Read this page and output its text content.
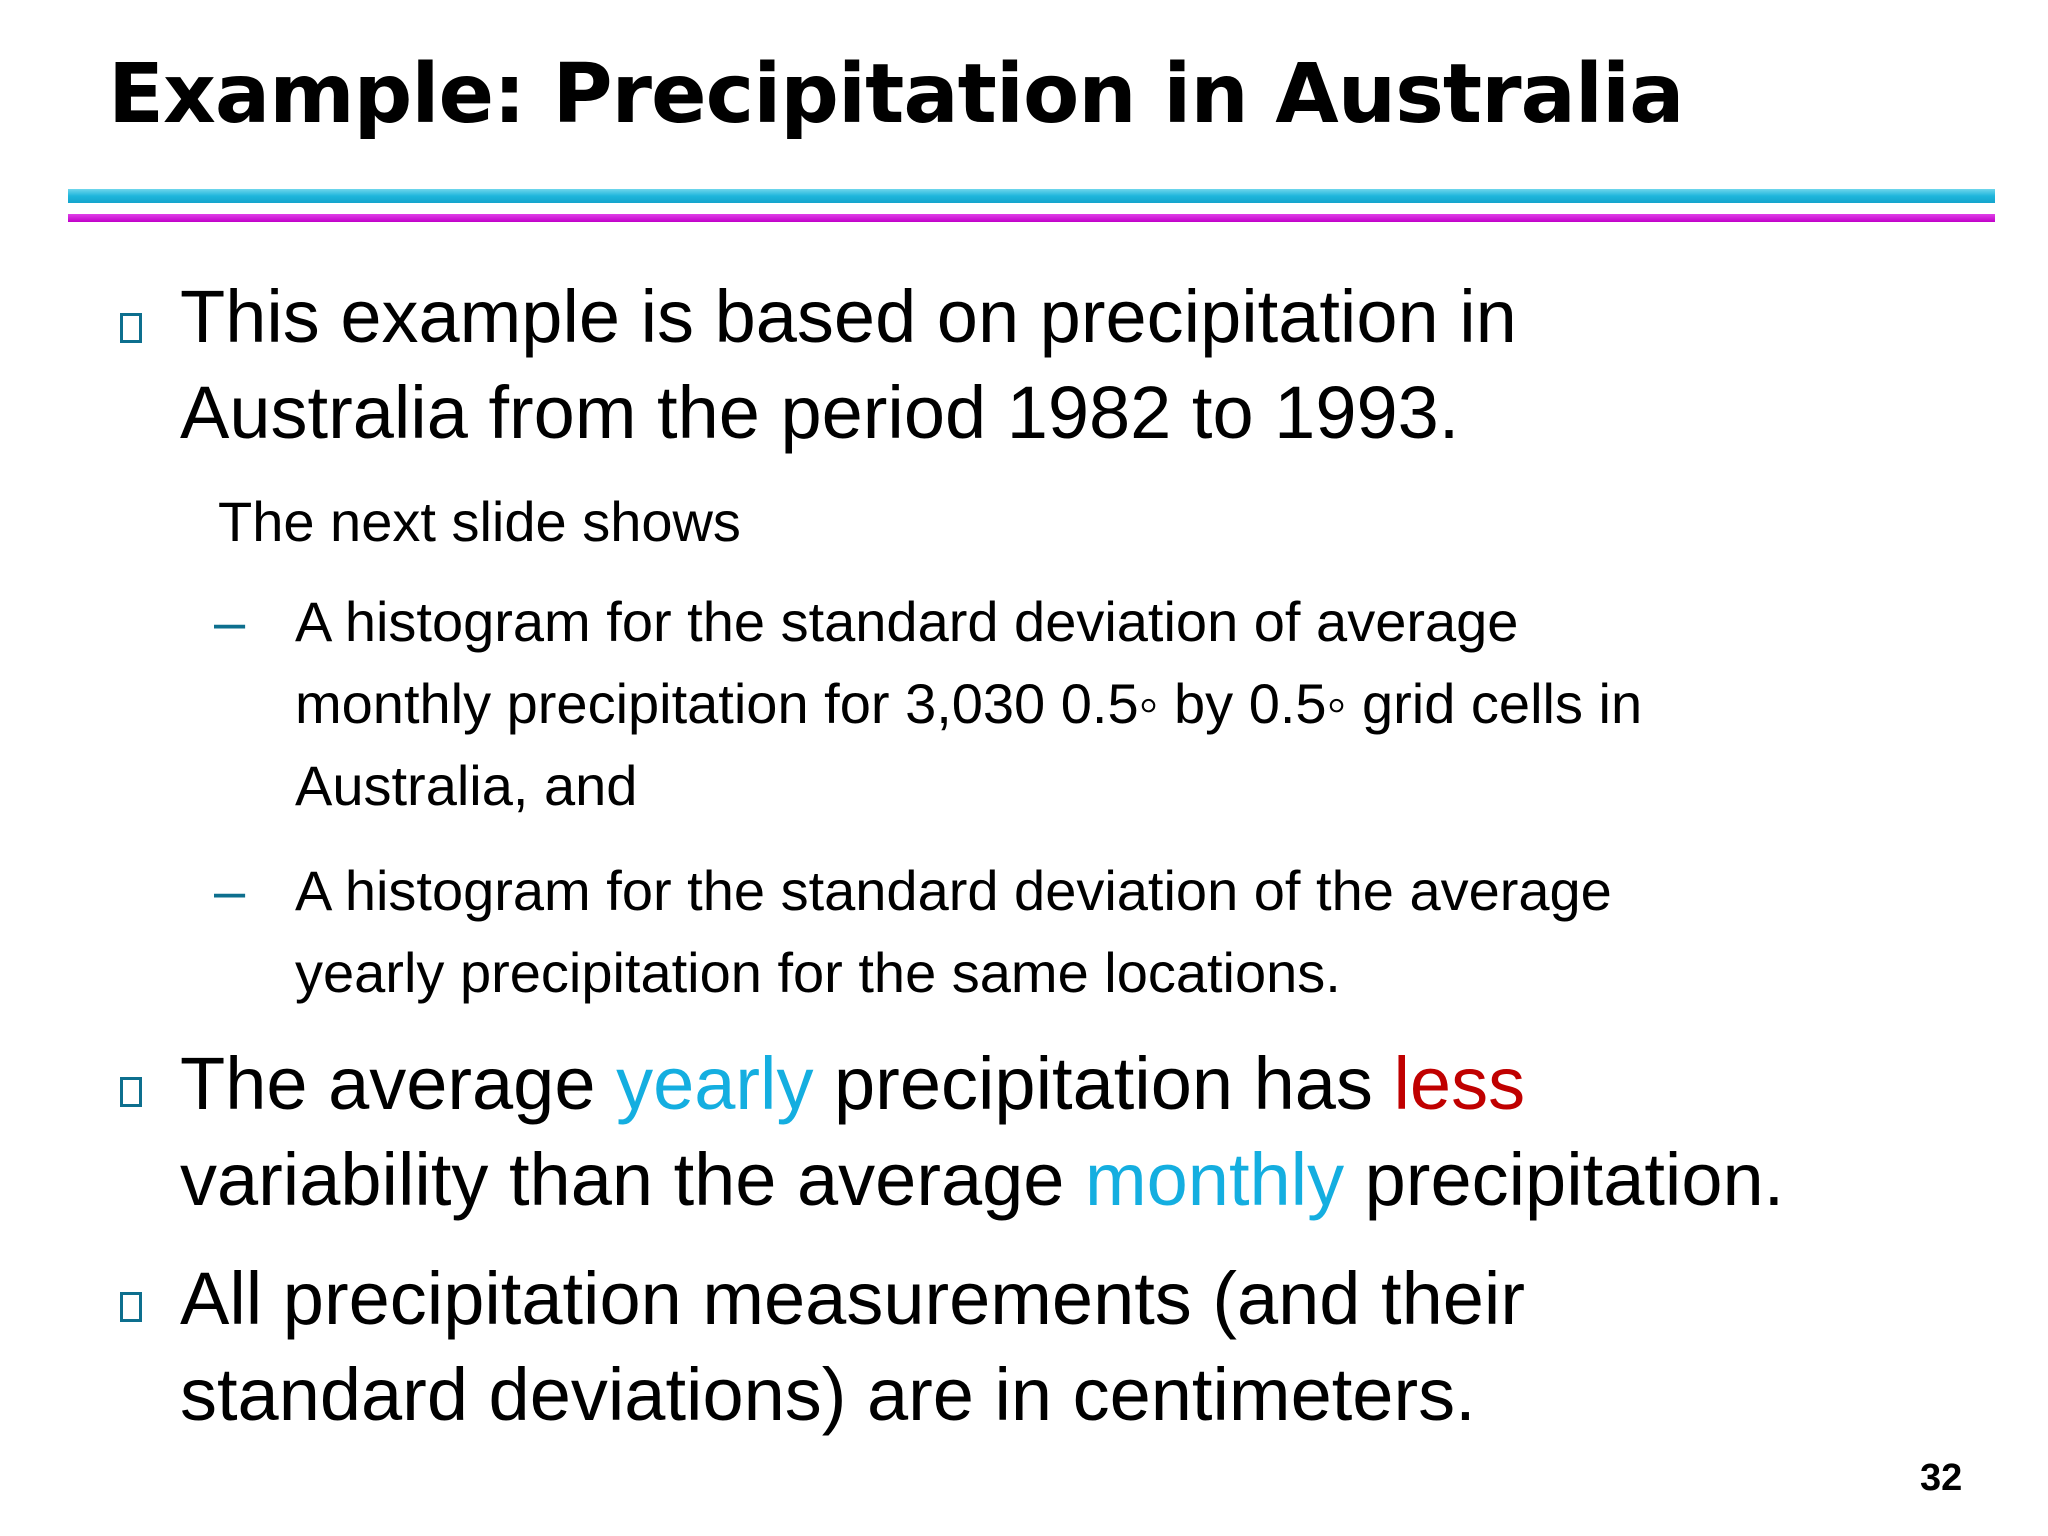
Example: Precipitation in Australia
This example is based on precipitation in
Australia from the period 1982 to 1993.
The next slide shows
– A histogram for the standard deviation of average
monthly precipitation for 3,030 0.5◦ by 0.5◦ grid cells in
Australia, and
– A histogram for the standard deviation of the average
yearly precipitation for the same locations.
The average yearly precipitation has less
variability than the average monthly precipitation.
All precipitation measurements (and their
standard deviations) are in centimeters.
32
